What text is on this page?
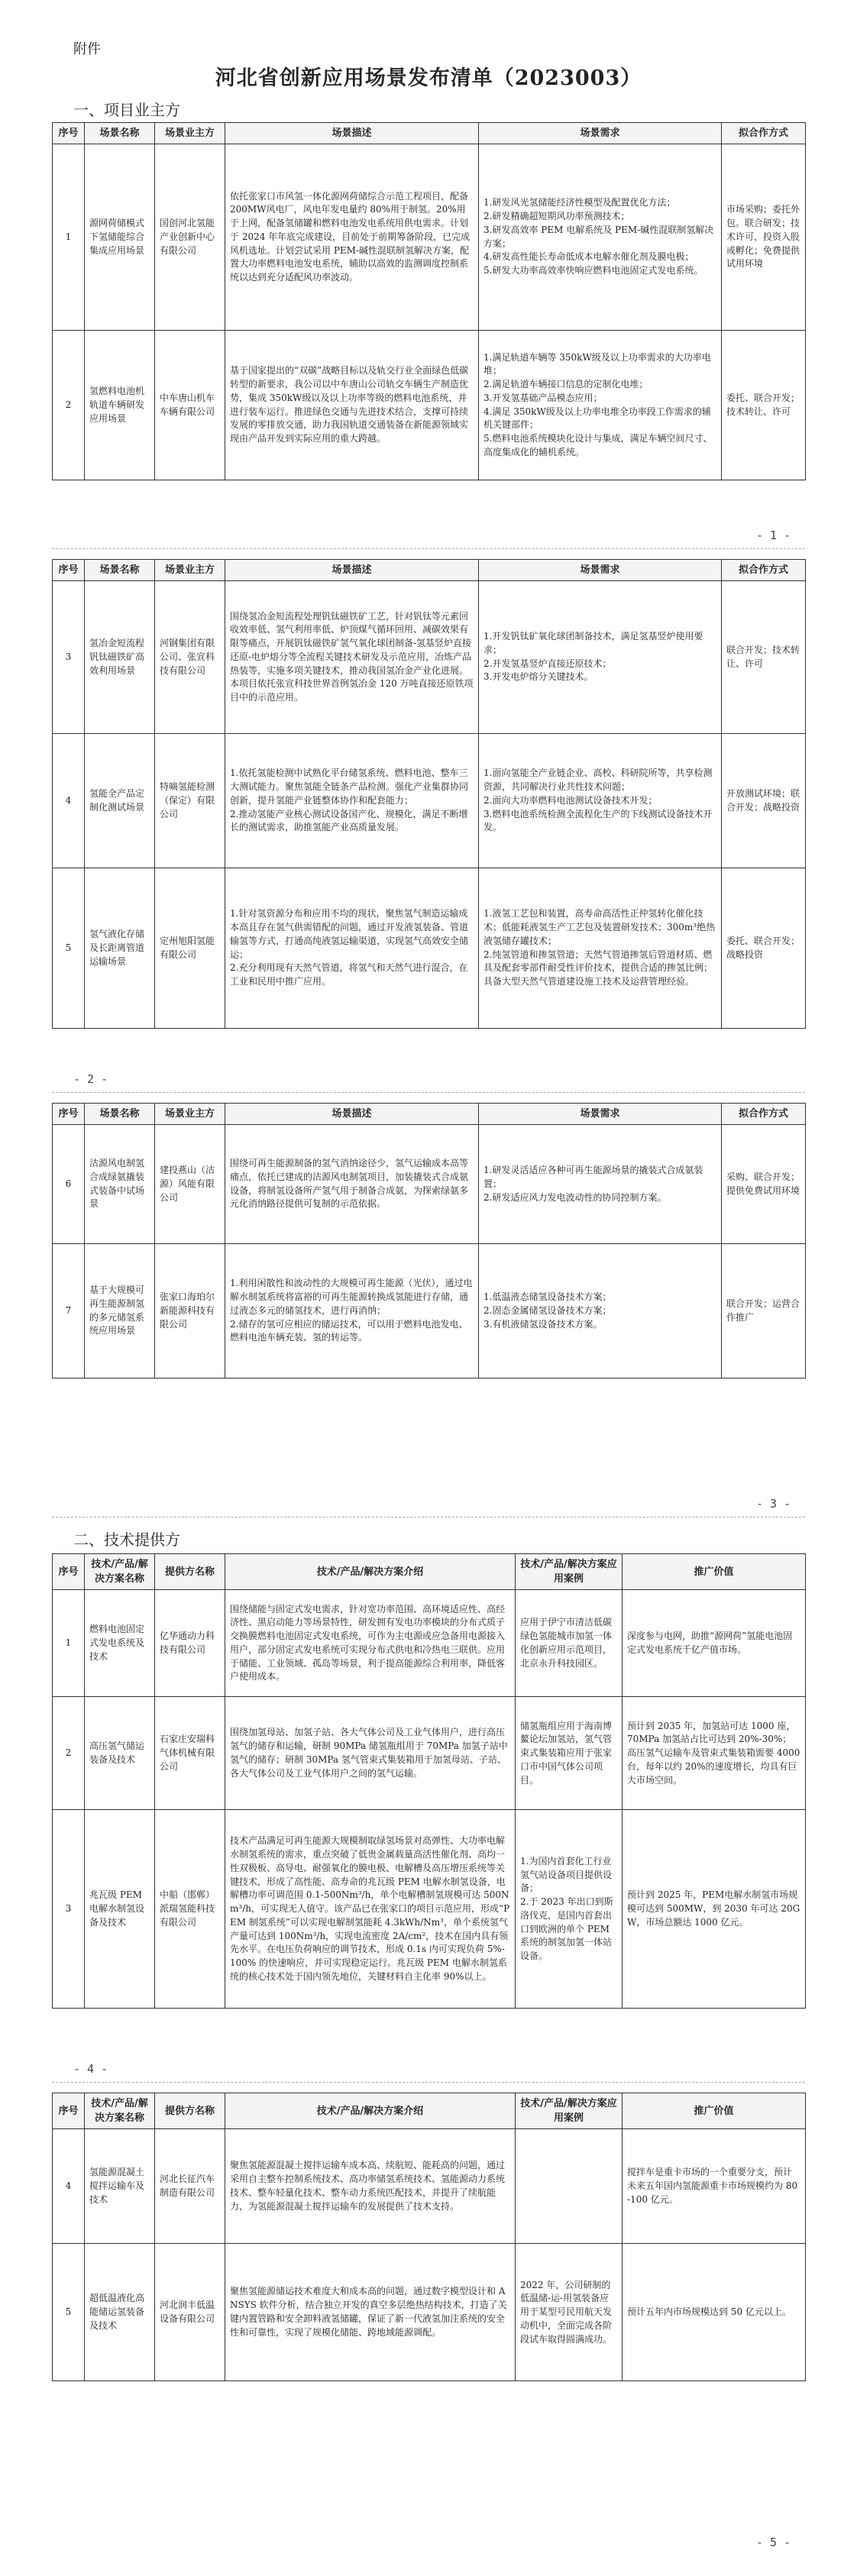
附件
河北省创新应用场景发布清单（2023003）
一、项目业主方
序号	场景名称	场景业主方	场景描述	场景需求	拟合作方式
1	源网荷储模式下氢储能综合集成应用场景	国创河北氢能产业创新中心有限公司	依托张家口市风氢一体化源网荷储综合示范工程项目，配备 200MW风电厂，风电年发电量约 80%用于制氢。20%用于上网，配备氢储罐和燃料电池发电系统用供电需求。计划于 2024 年年底完成建设，目前处于前期筹备阶段，已完成风机选址。计划尝试采用 PEM-碱性混联制氢解决方案，配置大功率燃料电池发电系统，辅助以高效的监测调度控制系统以达到充分适配风功率波动。	1.研发风光氢储能经济性模型及配置优化方法；
2.研发精确超短期风功率预测技术；
3.研发高效率 PEM 电解系统及 PEM-碱性混联制氢解决方案；
4.研发高性能长寿命低成本电解水催化剂及膜电极；
5.研发大功率高效率快响应燃料电池固定式发电系统。	市场采购；委托外包。联合研发；技术许可，投资入股或孵化；免费提供试用环境
2	氢燃料电池机轨道车辆研发应用场景	中车唐山机车车辆有限公司	基于国家提出的“双碳”战略目标以及轨交行业全面绿色低碳转型的新要求，我公司以中车唐山公司轨交车辆生产制造优势，集成 350kW级以及以上功率等级的燃料电池系统，并进行装车运行。推进绿色交通与先进技术结合，支撑可持续发展的零排放交通，助力我国轨道交通装备在新能源领域实现由产品开发到实际应用的重大跨越。	1.满足轨道车辆等 350kW级及以上功率需求的大功率电堆；
2.满足轨道车辆接口信息的定制化电堆；
3.开发氢基础产品模态应用；
4.满足 350kW级及以上功率电堆全功率段工作需求的辅机关键部件；
5.燃料电池系统模块化设计与集成，满足车辆空间尺寸、高度集成化的辅机系统。	委托、联合开发；技术转让、许可
- 1 -
序号	场景名称	场景业主方	场景描述	场景需求	拟合作方式
3	氢冶金短流程钒钛磁铁矿高效利用场景	河钢集团有限公司、张宣科技有限公司	围绕氢冶金短流程处理钒钛磁铁矿工艺，针对钒钛等元素回收效率低、氢气利用率低、炉顶煤气循环回用、减碳效果有限等痛点，开展钒钛磁铁矿氢气氧化球团制备-氢基竖炉直接还原-电炉熔分等全流程关键技术研发及示范应用，冶炼产品热装等，实施多项关键技术，推动我国氢冶金产业化进展。本项目依托张宣科技世界首例氢冶金 120 万吨直接还原铁项目中的示范应用。	1.开发钒钛矿氧化球团制备技术，满足氢基竖炉使用要求；
2.开发氢基竖炉直接还原技术；
3.开发电炉熔分关键技术。	联合开发；技术转让、许可
4	氢能全产品定制化测试场景	特嘀氢能检测（保定）有限公司	1.依托氢能检测中试熟化平台储氢系统、燃料电池、整车三大测试能力。聚焦氢能全链条产品检测。强化产业集群协同创新，提升氢能产业链整体协作和配套能力；
2.推动氢能产业核心测试设备国产化、规模化，满足不断增长的测试需求，助推氢能产业高质量发展。	1.面向氢能全产业链企业、高校、科研院所等，共享检测资源，共同解决行业共性技术问题；
2.面向大功率燃料电池测试设备技术开发；
3.燃料电池系统检测全流程化生产的下线测试设备技术开发。	开放测试环境；联合开发；战略投资
5	氢气液化存储及长距离管道运输场景	定州旭阳氢能有限公司	1.针对氢资源分布和应用不均的现状，聚焦氢气制造运输成本高且存在氢气供需错配的问题，通过开发液氢装备、管道输氢等方式，打通高纯液氢运输渠道，实现氢气高效安全储运；
2.充分利用现有天然气管道，将氢气和天然气进行混合，在工业和民用中推广应用。	1.液氢工艺包和装置，高寿命高活性正仲氢转化催化技术；低能耗液氢生产工艺包及装置研发技术；300m³绝热液氢储存罐技术；
2.纯氢管道和掺氢管道；天然气管道掺氢后管道材质、燃具及配套零部件耐受性评价技术，提供合适的掺氢比例；具备大型天然气管道建设施工技术及运营管理经验。	委托、联合开发；战略投资
- 2 -
序号	场景名称	场景业主方	场景描述	场景需求	拟合作方式
6	沽源风电制氢合成绿氨撬装式装备中试场景	建投燕山（沽源）风能有限公司	围绕可再生能源制备的氢气消纳途径少，氢气运输成本高等痛点，依托已建成的沽源风电制氢项目，加装撬装式合成氨设备，将制氢设备所产氢气用于制备合成氨，为探索绿氨多元化消纳路径提供可复制的示范依据。	1.研发灵活适应各种可再生能源场景的撬装式合成氨装置；
2.研发适应风力发电波动性的协同控制方案。	采购、联合开发；提供免费试用环境
7	基于大规模可再生能源制氢的多元储氢系统应用场景	张家口海珀尔新能源科技有限公司	1.利用闲散性和波动性的大规模可再生能源（光伏），通过电解水制氢系统将富裕的可再生能源转换成氢能进行存储，通过液态多元的储氢技术，进行再消纳；
2.储存的氢可应相应的储运技术，可以用于燃料电池发电、燃料电池车辆充装、氢的转运等。	1.低温液态储氢设备技术方案；
2.固态金属储氢设备技术方案；
3.有机液储氢设备技术方案。	联合开发；运营合作推广
- 3 -
二、技术提供方
序号	技术/产品/解决方案名称	提供方名称	技术/产品/解决方案介绍	技术/产品/解决方案应用案例	推广价值
1	燃料电池固定式发电系统及技术	亿华通动力科技有限公司	围绕储能与固定式发电需求，针对宽功率范围、高环境适应性、高经济性、黑启动能力等场景特性，研发拥有发电功率模块的分布式质子交换膜燃料电池固定式发电系统，可作为主电源或应急备用电源接入用户，部分固定式发电系统可实现分布式供电和冷热电三联供。应用于储能、工业领域、孤岛等场景，利于提高能源综合利用率，降低客户使用成本。	应用于伊宁市清洁低碳绿色氢能城市加氢一体化创新应用示范项目，北京永升科技园区。	深度参与电网，助推“源网荷”氢能电池固定式发电系统千亿产值市场。
2	高压氢气储运装备及技术	石家庄安瑞科气体机械有限公司	围绕加氢母站、加氢子站、各大气体公司及工业气体用户，进行高压氢气的储存和运输，研制 90MPa 储氢瓶组用于 70MPa 加氢子站中氢气的储存；研制 30MPa 氢气管束式集装箱用于加氢母站、子站、各大气体公司及工业气体用户之间的氢气运输。	储氢瓶组应用于海南博鳌论坛加氢站，氢气管束式集装箱应用于张家口市中国气体公司项目。	预计到 2035 年，加氢站可达 1000 座，70MPa 加氢站占比可达到 20%-30%；高压氢气运输车及管束式集装箱需要 4000 台，每年以约 20%的速度增长，均具有巨大市场空间。
3	兆瓦级 PEM 电解水制氢设备及技术	中船（邯郸）派瑞氢能科技有限公司	技术产品满足可再生能源大规模制取绿氢场景对高弹性、大功率电解水制氢系统的需求，重点突破了低贵金属载量高活性催化剂、高均一性双极板、高导电、耐强氧化的膜电极、电解槽及高压增压系统等关键技术，形成了高性能、高寿命的兆瓦级 PEM 电解水制氢设备，电解槽功率可调范围 0.1-500Nm³/h，单个电解槽制氢规模可达 500Nm³/h，可实现无人值守。该产品已在张家口的项目示范应用，形成“PEM 制氢系统”可以实现电解制氢能耗 4.3kWh/Nm³，单个系统氢气产量可达到 100Nm³/h，实现电流密度 2A/cm²，技术在国内具有领先水平。在电压负荷响应的调节技术，形成 0.1s 内可实现负荷 5%-100% 的快速响应，并可实现稳定运行。兆瓦级 PEM 电解水制氢系统的核心技术处于国内领先地位，关键材料自主化率 90%以上。	1.为国内首套化工行业氢气站设备项目提供设备；
2.于 2023 年出口到斯洛伐克，是国内首套出口到欧洲的单个 PEM 系统的制氢加氢一体站设备。	预计到 2025 年，PEM电解水制氢市场规模可达到 500MW，到 2030 年可达 20GW，市场总额达 1000 亿元。
- 4 -
序号	技术/产品/解决方案名称	提供方名称	技术/产品/解决方案介绍	技术/产品/解决方案应用案例	推广价值
4	氢能源混凝土搅拌运输车及技术	河北长征汽车制造有限公司	聚焦氢能源混凝土搅拌运输车成本高、续航短、能耗高的问题，通过采用自主整车控制系统技术、高功率储氢系统技术、氢能源动力系统技术、整车轻量化技术、整车动力系统匹配技术，并提升了续航能力，为氢能源混凝土搅拌运输车的发展提供了技术支持。		搅拌车是重卡市场的一个重要分支，预计未来五年国内氢能源重卡市场规模约为 80-100 亿元。
5	超低温液化高能储运氢装备及技术	河北润丰低温设备有限公司	聚焦氢能源储运技术难度大和成本高的问题，通过数字模型设计和 ANSYS 软件分析，结合独立开发的真空多层绝热结构技术，打造了关键内置管路和安全卸料液氢储罐，保证了新一代液氢加注系统的安全性和可靠性，实现了规模化储能、跨地域能源调配。	2022 年，公司研制的低温储-运-用氢装备应用于某型号民用航天发动机中，全面完成各阶段试车取得圆满成功。	预计五年内市场规模达到 50 亿元以上。
- 5 -
